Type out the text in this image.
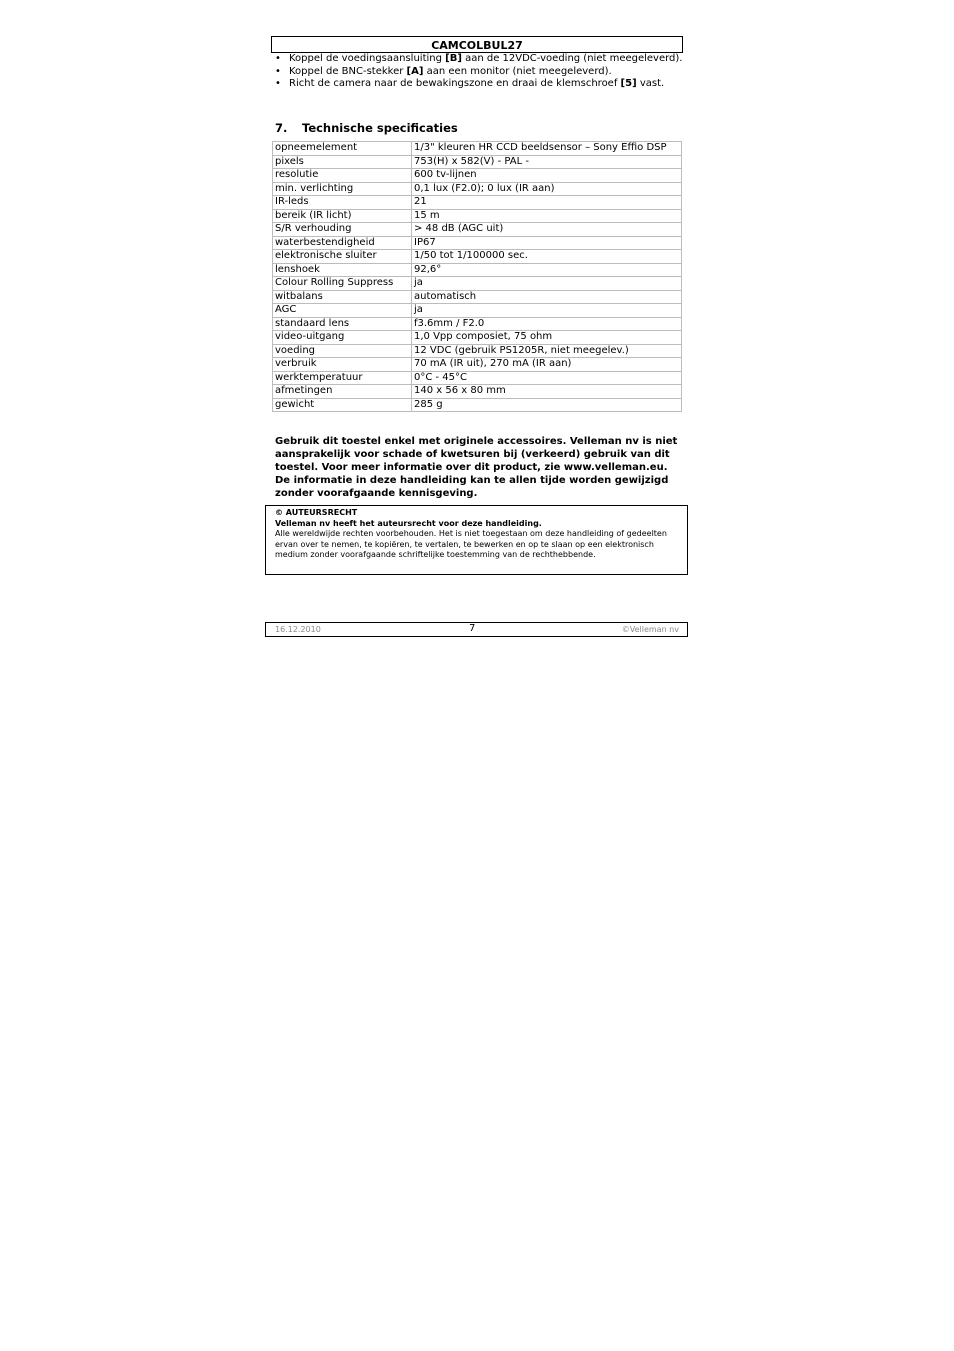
CAMCOLBUL27
• Koppel de voedingsaansluiting [B] aan de 12VDC-voeding (niet meegeleverd).
• Koppel de BNC-stekker [A] aan een monitor (niet meegeleverd).
• Richt de camera naar de bewakingszone en draai de klemschroef [5] vast.
7. Technische specificaties
opneemelement	1/3" kleuren HR CCD beeldsensor – Sony Effio DSP
pixels	753(H) x 582(V) - PAL -
resolutie	600 tv-lijnen
min. verlichting	0,1 lux (F2.0); 0 lux (IR aan)
IR-leds	21
bereik (IR licht)	15 m
S/R verhouding	> 48 dB (AGC uit)
waterbestendigheid	IP67
elektronische sluiter	1/50 tot 1/100000 sec.
lenshoek	92,6°
Colour Rolling Suppress	ja
witbalans	automatisch
AGC	ja
standaard lens	f3.6mm / F2.0
video-uitgang	1,0 Vpp composiet, 75 ohm
voeding	12 VDC (gebruik PS1205R, niet meegelev.)
verbruik	70 mA (IR uit), 270 mA (IR aan)
werktemperatuur	0°C - 45°C
afmetingen	140 x 56 x 80 mm
gewicht	285 g
Gebruik dit toestel enkel met originele accessoires. Velleman nv is niet aansprakelijk voor schade of kwetsuren bij (verkeerd) gebruik van dit toestel. Voor meer informatie over dit product, zie www.velleman.eu. De informatie in deze handleiding kan te allen tijde worden gewijzigd zonder voorafgaande kennisgeving.
© AUTEURSRECHT
Velleman nv heeft het auteursrecht voor deze handleiding.
Alle wereldwijde rechten voorbehouden. Het is niet toegestaan om deze handleiding of gedeelten ervan over te nemen, te kopiëren, te vertalen, te bewerken en op te slaan op een elektronisch medium zonder voorafgaande schriftelijke toestemming van de rechthebbende.
16.12.2010	7	©Velleman nv
